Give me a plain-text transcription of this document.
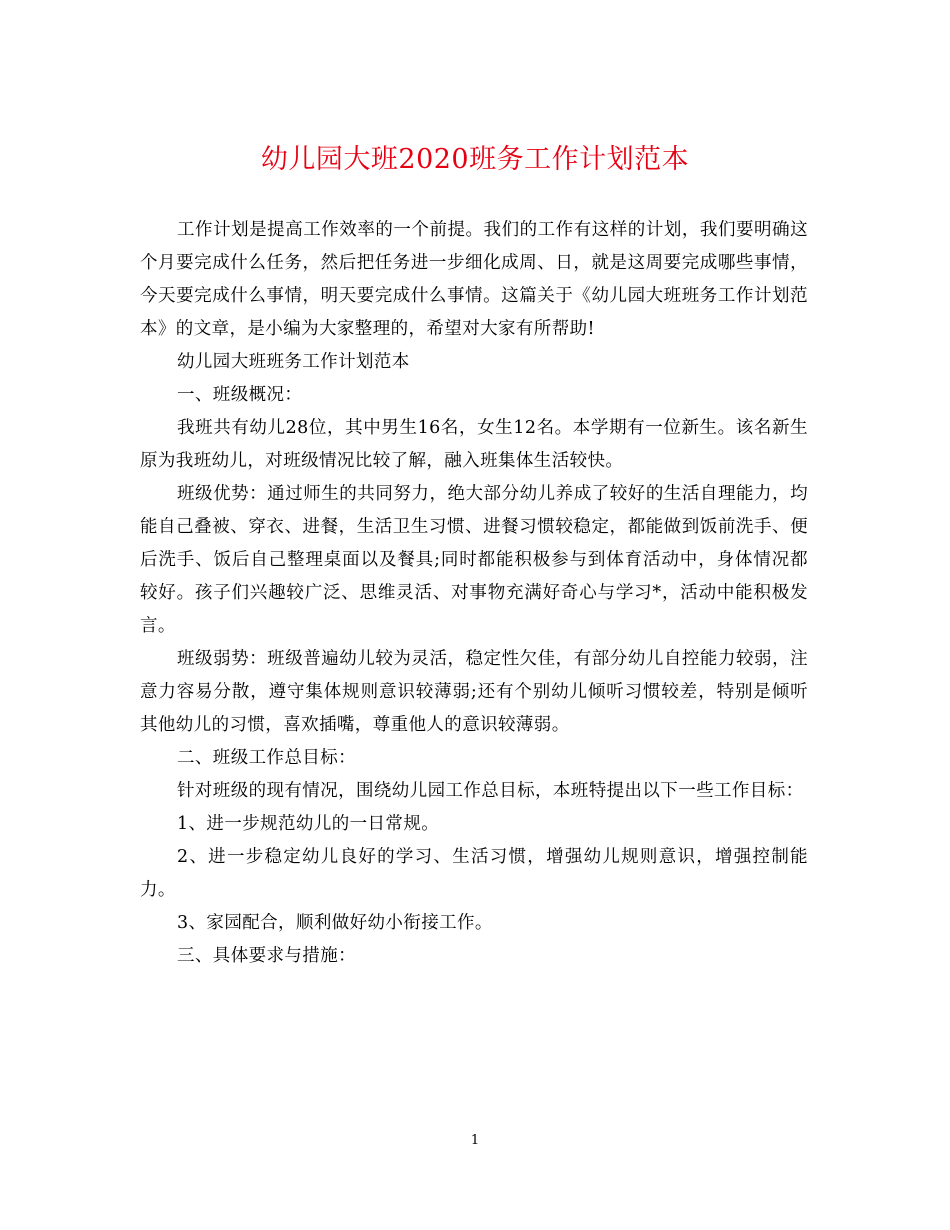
幼儿园大班2020班务工作计划范本

工作计划是提高工作效率的一个前提。我们的工作有这样的计划，我们要明确这个月要完成什么任务，然后把任务进一步细化成周、日，就是这周要完成哪些事情，今天要完成什么事情，明天要完成什么事情。这篇关于《幼儿园大班班务工作计划范本》的文章，是小编为大家整理的，希望对大家有所帮助!

幼儿园大班班务工作计划范本

一、班级概况：

我班共有幼儿28位，其中男生16名，女生12名。本学期有一位新生。该名新生原为我班幼儿，对班级情况比较了解，融入班集体生活较快。

班级优势：通过师生的共同努力，绝大部分幼儿养成了较好的生活自理能力，均能自己叠被、穿衣、进餐，生活卫生习惯、进餐习惯较稳定，都能做到饭前洗手、便后洗手、饭后自己整理桌面以及餐具;同时都能积极参与到体育活动中，身体情况都较好。孩子们兴趣较广泛、思维灵活、对事物充满好奇心与学习*，活动中能积极发言。

班级弱势：班级普遍幼儿较为灵活，稳定性欠佳，有部分幼儿自控能力较弱，注意力容易分散，遵守集体规则意识较薄弱;还有个别幼儿倾听习惯较差，特别是倾听其他幼儿的习惯，喜欢插嘴，尊重他人的意识较薄弱。

二、班级工作总目标：

针对班级的现有情况，围绕幼儿园工作总目标，本班特提出以下一些工作目标：

1、进一步规范幼儿的一日常规。

2、进一步稳定幼儿良好的学习、生活习惯，增强幼儿规则意识，增强控制能力。

3、家园配合，顺利做好幼小衔接工作。

三、具体要求与措施：

1
